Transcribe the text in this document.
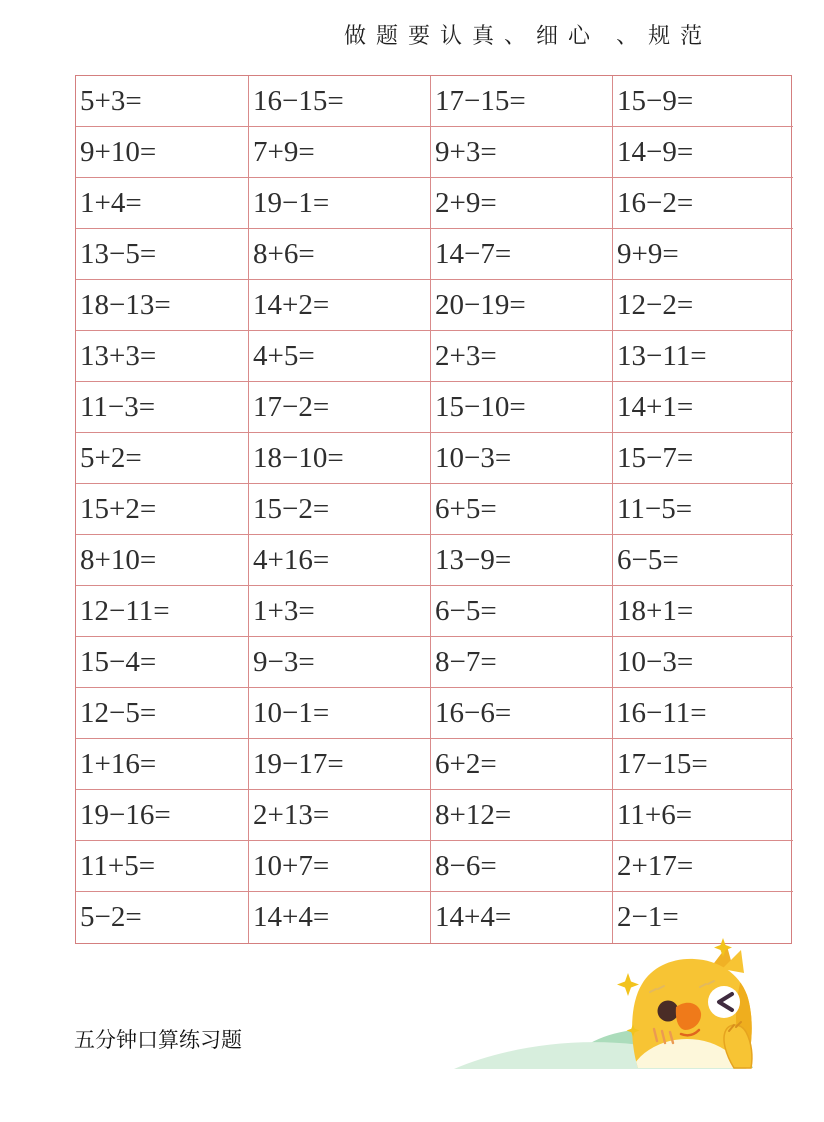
做题要认真、细心 、规范
5+3=	16−15=	17−15=	15−9=
9+10=	7+9=	9+3=	14−9=
1+4=	19−1=	2+9=	16−2=
13−5=	8+6=	14−7=	9+9=
18−13=	14+2=	20−19=	12−2=
13+3=	4+5=	2+3=	13−11=
11−3=	17−2=	15−10=	14+1=
5+2=	18−10=	10−3=	15−7=
15+2=	15−2=	6+5=	11−5=
8+10=	4+16=	13−9=	6−5=
12−11=	1+3=	6−5=	18+1=
15−4=	9−3=	8−7=	10−3=
12−5=	10−1=	16−6=	16−11=
1+16=	19−17=	6+2=	17−15=
19−16=	2+13=	8+12=	11+6=
11+5=	10+7=	8−6=	2+17=
5−2=	14+4=	14+4=	2−1=
五分钟口算练习题
